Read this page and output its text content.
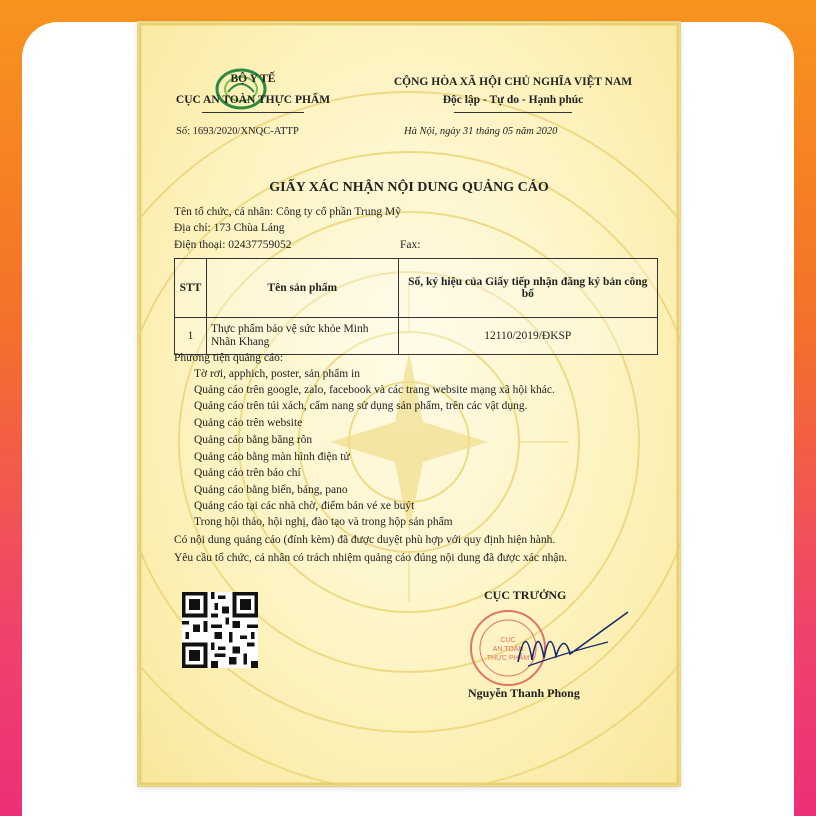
BỘ Y TẾ
CỤC AN TOÀN THỰC PHẨM
CỘNG HÒA XÃ HỘI CHỦ NGHĨA VIỆT NAM
Độc lập - Tự do - Hạnh phúc
Số: 1693/2020/XNQC-ATTP	Hà Nội, ngày 31 tháng 05 năm 2020
GIẤY XÁC NHẬN NỘI DUNG QUẢNG CÁO
Tên tổ chức, cá nhân: Công ty cổ phần Trung Mỹ
Địa chỉ: 173 Chùa Láng
Điện thoại: 02437759052	Fax:
STT	Tên sản phẩm	Số, ký hiệu của Giấy tiếp nhận đăng ký bản công bố
1	Thực phẩm bảo vệ sức khỏe Minh Nhãn Khang	12110/2019/ĐKSP
Phương tiện quảng cáo:
Tờ rơi, apphich, poster, sản phẩm in
Quảng cáo trên google, zalo, facebook và các trang website mạng xã hội khác.
Quảng cáo trên túi xách, cẩm nang sử dụng sản phẩm, trên các vật dụng.
Quảng cáo trên website
Quảng cáo bằng băng rôn
Quảng cáo bằng màn hình điện tử
Quảng cáo trên báo chí
Quảng cáo bằng biển, bảng, pano
Quảng cáo tại các nhà chờ, điểm bán vé xe buýt
Trong hội thảo, hội nghị, đào tạo và trong hộp sản phẩm
Có nội dung quảng cáo (đính kèm) đã được duyệt phù hợp với quy định hiện hành.
Yêu cầu tổ chức, cá nhân có trách nhiệm quảng cáo đúng nội dung đã được xác nhận.
CỤC TRƯỞNG
CỤC
AN TOÀN
THỰC PHẨM
Nguyễn Thanh Phong
